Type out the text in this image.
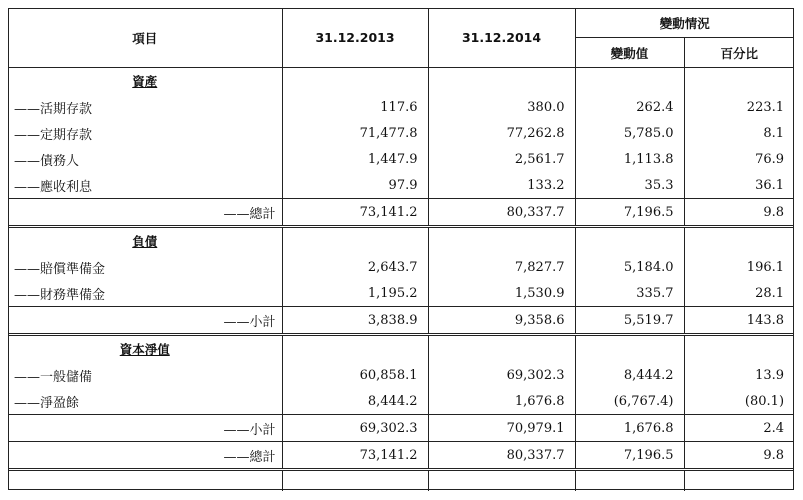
項目	31.12.2013	31.12.2014	變動情況	
			變動值	百分比
資產				
——活期存款	117.6	380.0	262.4	223.1
——定期存款	71,477.8	77,262.8	5,785.0	8.1
——債務人	1,447.9	2,561.7	1,113.8	76.9
——應收利息	97.9	133.2	35.3	36.1
——總計	73,141.2	80,337.7	7,196.5	9.8
負債				
——賠償準備金	2,643.7	7,827.7	5,184.0	196.1
——財務準備金	1,195.2	1,530.9	335.7	28.1
——小計	3,838.9	9,358.6	5,519.7	143.8
資本淨值				
——一般儲備	60,858.1	69,302.3	8,444.2	13.9
——淨盈餘	8,444.2	1,676.8	(6,767.4)	(80.1)
——小計	69,302.3	70,979.1	1,676.8	2.4
——總計	73,141.2	80,337.7	7,196.5	9.8
